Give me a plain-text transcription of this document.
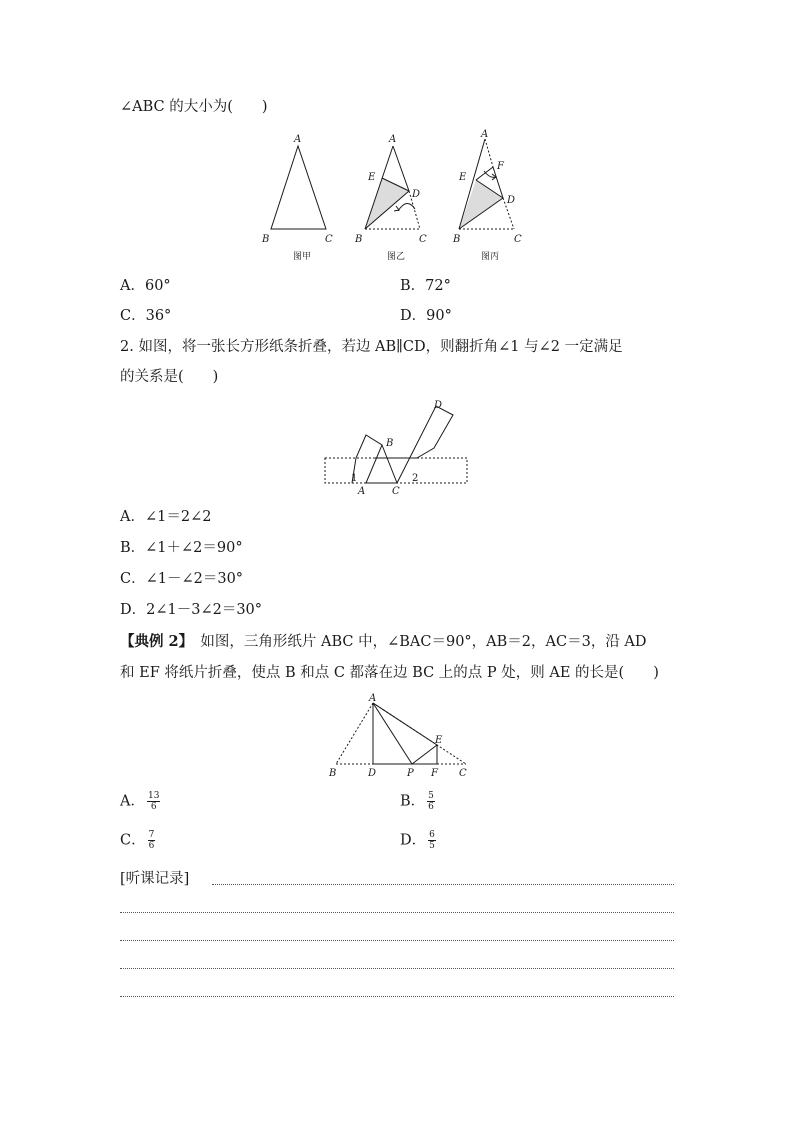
∠ABC 的大小为(　　)
A
B	C
图甲
A
E
D
B	C
图乙
A
F
E
D
B	C
图丙
A．60°	B．72°
C．36°	D．90°
2. 如图，将一张长方形纸条折叠，若边 AB∥CD，则翻折角∠1 与∠2 一定满足
的关系是(　　)
B
D
A	C
1	2
A．∠1＝2∠2
B．∠1＋∠2＝90°
C．∠1－∠2＝30°
D．2∠1－3∠2＝30°
【典例 2】　如图，三角形纸片 ABC 中，∠BAC＝90°，AB＝2，AC＝3，沿 AD
和 EF 将纸片折叠，使点 B 和点 C 都落在边 BC 上的点 P 处，则 AE 的长是(　　)
A
E
B	D	P F C
A． $\frac{13}{6}$	B． $\frac{5}{6}$
C． $\frac{7}{6}$	D． $\frac{6}{5}$
[听课记录]
